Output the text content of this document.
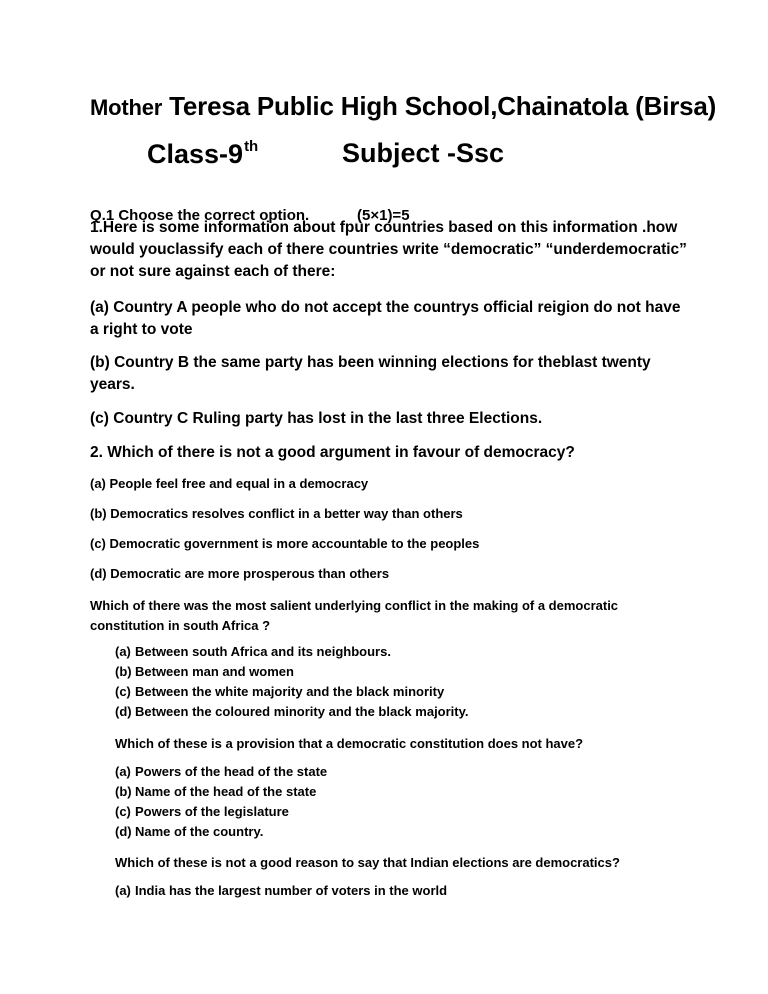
Mother Teresa Public High School,Chainatola (Birsa)
Class-9th	Subject -Ssc
Q.1 Choose the correct option.	(5×1)=5
1.Here is some information about fpur countries based on this information .how would youclassify each of there countries write “democratic” “underdemocratic” or not sure against each of there:
(a) Country A people who do not accept the countrys official reigion do not have a right to vote
(b) Country B the same party has been winning elections for theblast twenty years.
(c) Country C Ruling party has lost in the last three Elections.
2. Which of there is not a good argument in favour of democracy?
(a) People feel free and equal in a democracy
(b) Democratics resolves conflict in a better way than others
(c) Democratic government is more accountable to the peoples
(d) Democratic are more prosperous than others
Which of there was the most salient underlying conflict in the making of a democratic constitution in south Africa ?
(a) Between south Africa and its neighbours.
(b) Between man and women
(c) Between the white majority and the black minority
(d) Between the coloured minority and the black majority.
Which of these is a provision that a democratic constitution does not have?
(a) Powers of the head of the state
(b) Name of the head of the state
(c) Powers of the legislature
(d) Name of the country.
Which of these is not a good reason to say that Indian elections are democratics?
(a) India has the largest number of voters in the world
